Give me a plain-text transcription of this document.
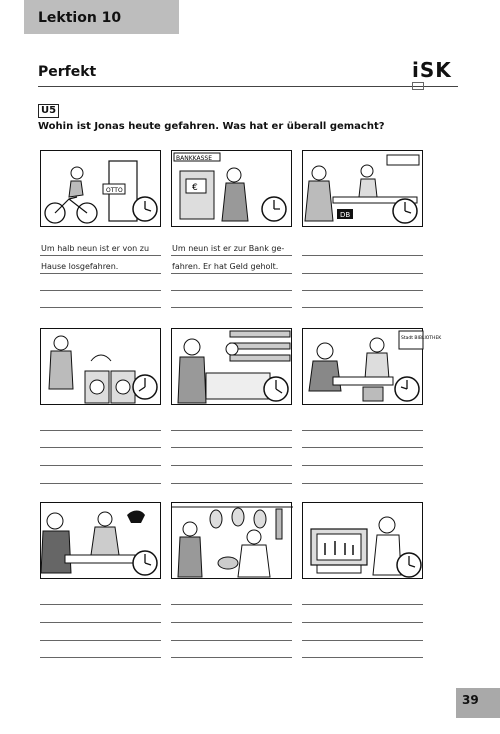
Lektion 10
Perfekt	iSK
U5
Wohin ist Jonas heute gefahren. Was hat er überall gemacht?
OTTO
BANKKASSE
€
DB
Um halb neun ist er von zu
Hause losgefahren.
Um neun ist er zur Bank ge-
fahren. Er hat Geld geholt.
Stadt BIBLIOTHEK
39
